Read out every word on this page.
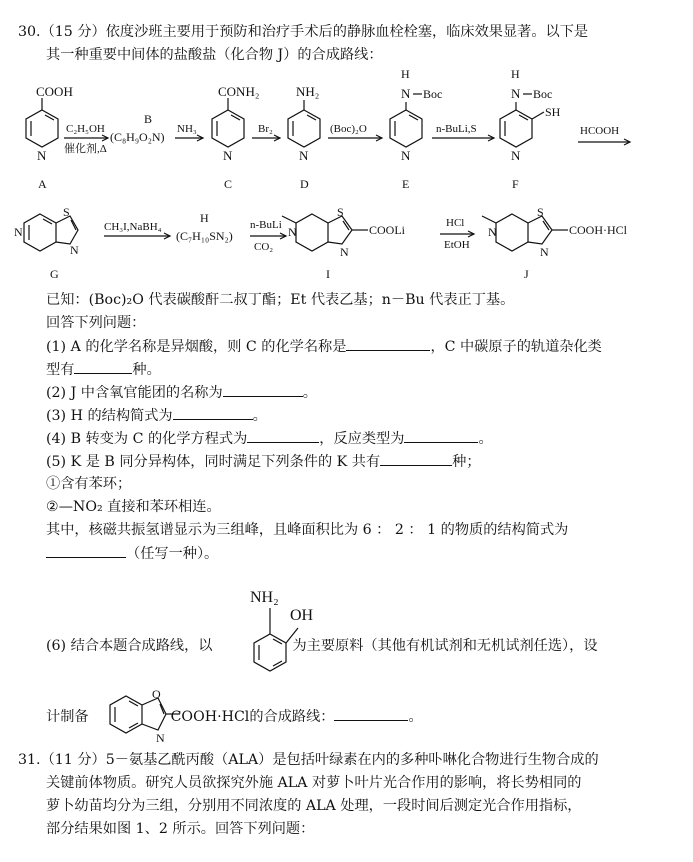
30.（15 分）依度沙班主要用于预防和治疗手术后的静脉血栓栓塞，临床效果显著。以下是
其一种重要中间体的盐酸盐（化合物 J）的合成路线：
COOH
N
A
C₂H₅OH
催化剂,Δ
B
(C₈H₉O₂N)
NH₃
CONH₂
N
C
Br₂
NH₂
N
D
(Boc)₂O
H
N Boc
N
E
n-BuLi,S
H
N Boc
SH
N
F
HCOOH
S
N
N
G
CH₃I,NaBH₄
H
(C₇H₁₀SN₂)
n-BuLi
CO₂
N
S
N
COOLi
I
HCl
EtOH
N
S
N
COOH·HCl
J
已知：(Boc)₂O 代表碳酸酐二叔丁酯；Et 代表乙基；n－Bu 代表正丁基。
回答下列问题：
(1) A 的化学名称是异烟酸，则 C 的化学名称是	，C 中碳原子的轨道杂化类
型有	种。
(2) J 中含氧官能团的名称为	。
(3) H 的结构简式为	。
(4) B 转变为 C 的化学方程式为	，反应类型为	。
(5) K 是 B 同分异构体，同时满足下列条件的 K 共有	种；
①含有苯环；
②—NO₂ 直接和苯环相连。
其中，核磁共振氢谱显示为三组峰，且峰面积比为 6 ： 2 ： 1 的物质的结构简式为
（任写一种）。
NH₂
OH
(6) 结合本题合成路线，以	为主要原料（其他有机试剂和无机试剂任选），设
O
N
计制备	COOH·HCl的合成路线：	。
31.（11 分）5－氨基乙酰丙酸（ALA）是包括叶绿素在内的多种卟啉化合物进行生物合成的
关键前体物质。研究人员欲探究外施 ALA 对萝卜叶片光合作用的影响，将长势相同的
萝卜幼苗均分为三组，分别用不同浓度的 ALA 处理，一段时间后测定光合作用指标，
部分结果如图 1、2 所示。回答下列问题：
